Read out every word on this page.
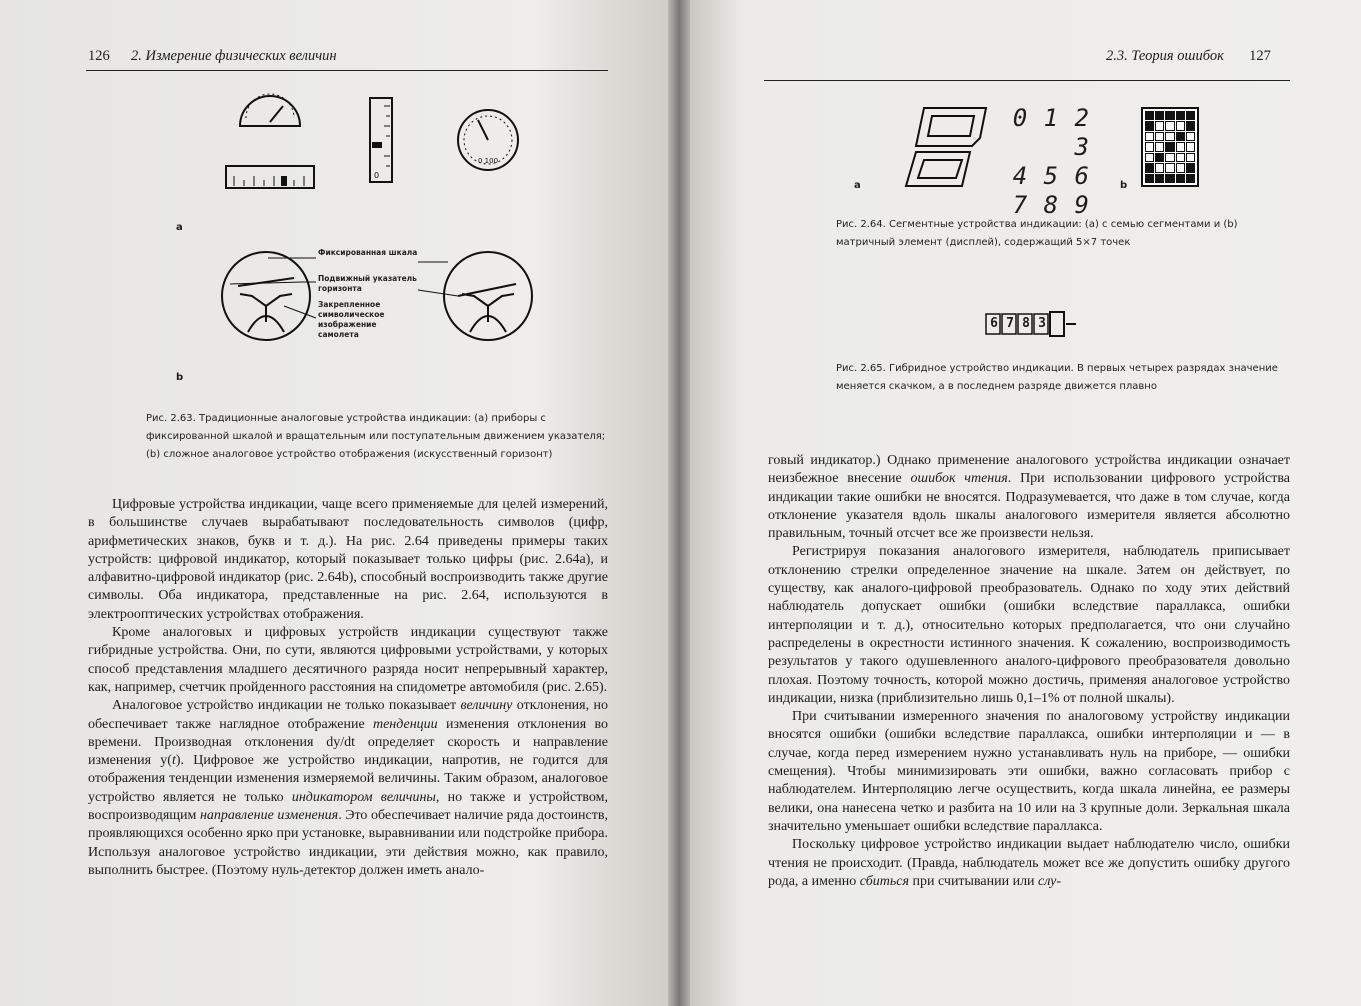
126 2. Измерение физических величин
0
0 100
Фиксированная шкала
Подвижный указатель горизонта
Закрепленное символическое изображение самолета
a
b
Рис. 2.63. Традиционные аналоговые устройства индикации: (a) приборы с фиксированной шкалой и вращательным или поступательным движением указателя; (b) сложное аналоговое устройство отображения (искусственный горизонт)

Цифровые устройства индикации, чаще всего применяемые для целей измерений, в большинстве случаев вырабатывают последовательность символов (цифр, арифметических знаков, букв и т. д.). На рис. 2.64 приведены примеры таких устройств: цифровой индикатор, который показывает только цифры (рис. 2.64a), и алфавитно-цифровой индикатор (рис. 2.64b), способный воспроизводить также другие символы. Оба индикатора, представленные на рис. 2.64, используются в электрооптических устройствах отображения.

Кроме аналоговых и цифровых устройств индикации существуют также гибридные устройства. Они, по сути, являются цифровыми устройствами, у которых способ представления младшего десятичного разряда носит непрерывный характер, как, например, счетчик пройденного расстояния на спидометре автомобиля (рис. 2.65).

Аналоговое устройство индикации не только показывает величину отклонения, но обеспечивает также наглядное отображение тенденции изменения отклонения во времени. Производная отклонения dy/dt определяет скорость и направление изменения y(t). Цифровое же устройство индикации, напротив, не годится для отображения тенденции изменения измеряемой величины. Таким образом, аналоговое устройство является не только индикатором величины, но также и устройством, воспроизводящим направление изменения. Это обеспечивает наличие ряда достоинств, проявляющихся особенно ярко при установке, выравнивании или подстройке прибора. Используя аналоговое устройство индикации, эти действия можно, как правило, выполнить быстрее. (Поэтому нуль-детектор должен иметь анало-

2.3. Теория ошибок 127
0 1 2 3
4 5 6
7 8 9
a	b
Рис. 2.64. Сегментные устройства индикации: (a) с семью сегментами и (b) матричный элемент (дисплей), содержащий 5×7 точек
6 7 8 3
Рис. 2.65. Гибридное устройство индикации. В первых четырех разрядах значение меняется скачком, а в последнем разряде движется плавно

говый индикатор.) Однако применение аналогового устройства индикации означает неизбежное внесение ошибок чтения. При использовании цифрового устройства индикации такие ошибки не вносятся. Подразумевается, что даже в том случае, когда отклонение указателя вдоль шкалы аналогового измерителя является абсолютно правильным, точный отсчет все же произвести нельзя.

Регистрируя показания аналогового измерителя, наблюдатель приписывает отклонению стрелки определенное значение на шкале. Затем он действует, по существу, как аналого-цифровой преобразователь. Однако по ходу этих действий наблюдатель допускает ошибки (ошибки вследствие параллакса, ошибки интерполяции и т. д.), относительно которых предполагается, что они случайно распределены в окрестности истинного значения. К сожалению, воспроизводимость результатов у такого одушевленного аналого-цифрового преобразователя довольно плохая. Поэтому точность, которой можно достичь, применяя аналоговое устройство индикации, низка (приблизительно лишь 0,1–1% от полной шкалы).

При считывании измеренного значения по аналоговому устройству индикации вносятся ошибки (ошибки вследствие параллакса, ошибки интерполяции и — в случае, когда перед измерением нужно устанавливать нуль на приборе, — ошибки смещения). Чтобы минимизировать эти ошибки, важно согласовать прибор с наблюдателем. Интерполяцию легче осуществить, когда шкала линейна, ее размеры велики, она нанесена четко и разбита на 10 или на 3 крупные доли. Зеркальная шкала значительно уменьшает ошибки вследствие параллакса.

Поскольку цифровое устройство индикации выдает наблюдателю число, ошибки чтения не происходит. (Правда, наблюдатель может все же допустить ошибку другого рода, а именно сбиться при считывании или слу-
